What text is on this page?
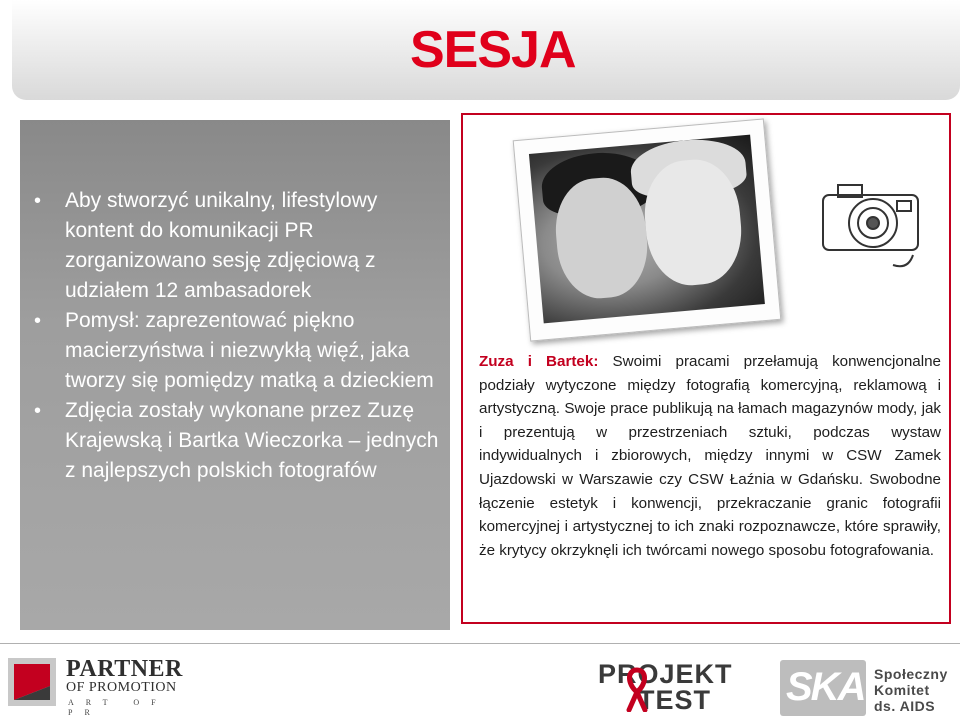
SESJA
• Aby stworzyć unikalny, lifestylowy kontent do komunikacji PR zorganizowano sesję zdjęciową z udziałem 12 ambasadorek
• Pomysł: zaprezentować piękno macierzyństwa i niezwykłą więź, jaka tworzy się pomiędzy matką a dzieckiem
• Zdjęcia zostały wykonane przez Zuzę Krajewską i Bartka Wieczorka – jednych z najlepszych polskich fotografów

Zuza i Bartek: Swoimi pracami przełamują konwencjonalne podziały wytyczone między fotografią komercyjną, reklamową i artystyczną. Swoje prace publikują na łamach magazynów mody, jak i prezentują w przestrzeniach sztuki, podczas wystaw indywidualnych i zbiorowych, między innymi w CSW Zamek Ujazdowski w Warszawie czy CSW Łaźnia w Gdańsku. Swobodne łączenie estetyk i konwencji, przekraczanie granic fotografii komercyjnej i artystycznej to ich znaki rozpoznawcze, które sprawiły, że krytycy okrzyknęli ich twórcami nowego sposobu fotografowania.

PARTNER
OF PROMOTION
ART OF PR
PROJEKT
TEST SKA Społeczny
Komitet
ds. AIDS
